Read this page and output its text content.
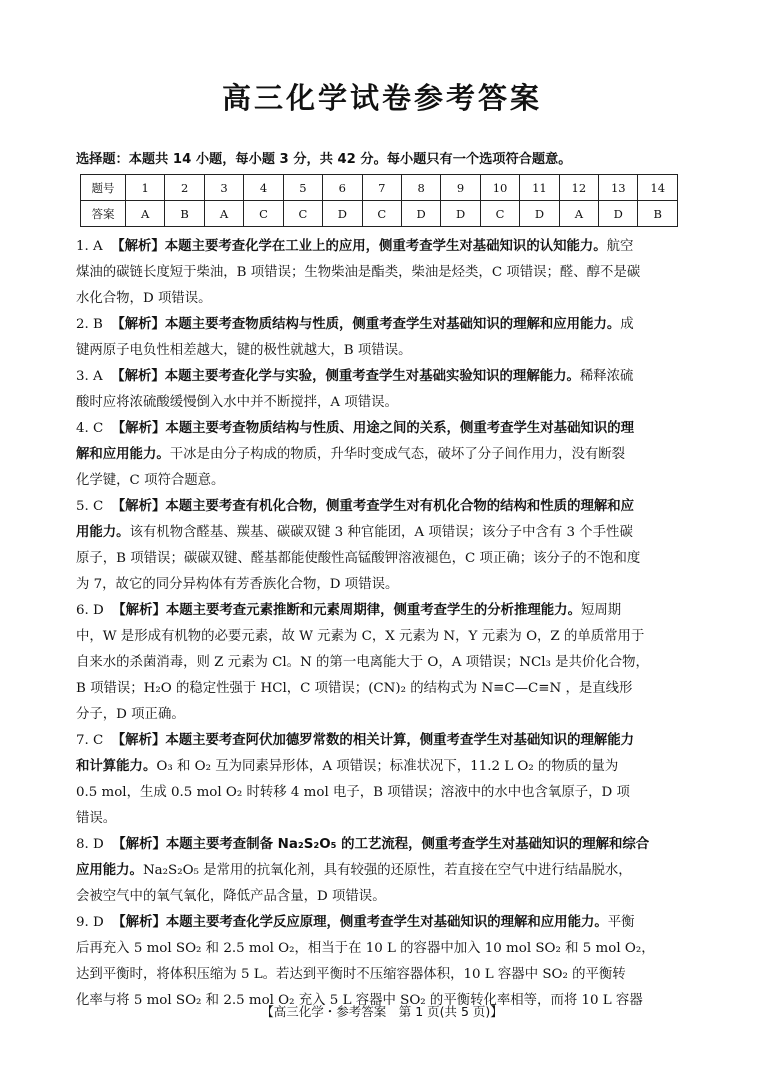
高三化学试卷参考答案
选择题：本题共 14 小题，每小题 3 分，共 42 分。每小题只有一个选项符合题意。
题号	1	2	3	4	5	6	7	8	9	10	11	12	13	14
答案	A	B	A	C	C	D	C	D	D	C	D	A	D	B
1. A 【解析】本题主要考查化学在工业上的应用，侧重考查学生对基础知识的认知能力。航空
煤油的碳链长度短于柴油，B 项错误；生物柴油是酯类，柴油是烃类，C 项错误；醛、醇不是碳
水化合物，D 项错误。
2. B 【解析】本题主要考查物质结构与性质，侧重考查学生对基础知识的理解和应用能力。成
键两原子电负性相差越大，键的极性就越大，B 项错误。
3. A 【解析】本题主要考查化学与实验，侧重考查学生对基础实验知识的理解能力。稀释浓硫
酸时应将浓硫酸缓慢倒入水中并不断搅拌，A 项错误。
4. C 【解析】本题主要考查物质结构与性质、用途之间的关系，侧重考查学生对基础知识的理
解和应用能力。干冰是由分子构成的物质，升华时变成气态，破坏了分子间作用力，没有断裂
化学键，C 项符合题意。
5. C 【解析】本题主要考查有机化合物，侧重考查学生对有机化合物的结构和性质的理解和应
用能力。该有机物含醛基、羰基、碳碳双键 3 种官能团，A 项错误；该分子中含有 3 个手性碳
原子，B 项错误；碳碳双键、醛基都能使酸性高锰酸钾溶液褪色，C 项正确；该分子的不饱和度
为 7，故它的同分异构体有芳香族化合物，D 项错误。
6. D 【解析】本题主要考查元素推断和元素周期律，侧重考查学生的分析推理能力。短周期
中，W 是形成有机物的必要元素，故 W 元素为 C，X 元素为 N，Y 元素为 O，Z 的单质常用于
自来水的杀菌消毒，则 Z 元素为 Cl。N 的第一电离能大于 O，A 项错误；NCl₃ 是共价化合物，
B 项错误；H₂O 的稳定性强于 HCl，C 项错误；(CN)₂ 的结构式为 N≡C—C≡N ，是直线形
分子，D 项正确。
7. C 【解析】本题主要考查阿伏加德罗常数的相关计算，侧重考查学生对基础知识的理解能力
和计算能力。O₃ 和 O₂ 互为同素异形体，A 项错误；标准状况下，11.2 L O₂ 的物质的量为
0.5 mol，生成 0.5 mol O₂ 时转移 4 mol 电子，B 项错误；溶液中的水中也含氧原子，D 项
错误。
8. D 【解析】本题主要考查制备 Na₂S₂O₅ 的工艺流程，侧重考查学生对基础知识的理解和综合
应用能力。Na₂S₂O₅ 是常用的抗氧化剂，具有较强的还原性，若直接在空气中进行结晶脱水，
会被空气中的氧气氧化，降低产品含量，D 项错误。
9. D 【解析】本题主要考查化学反应原理，侧重考查学生对基础知识的理解和应用能力。平衡
后再充入 5 mol SO₂ 和 2.5 mol O₂，相当于在 10 L 的容器中加入 10 mol SO₂ 和 5 mol O₂，
达到平衡时，将体积压缩为 5 L。若达到平衡时不压缩容器体积，10 L 容器中 SO₂ 的平衡转
化率与将 5 mol SO₂ 和 2.5 mol O₂ 充入 5 L 容器中 SO₂ 的平衡转化率相等，而将 10 L 容器
【高三化学・参考答案　第 1 页(共 5 页)】
